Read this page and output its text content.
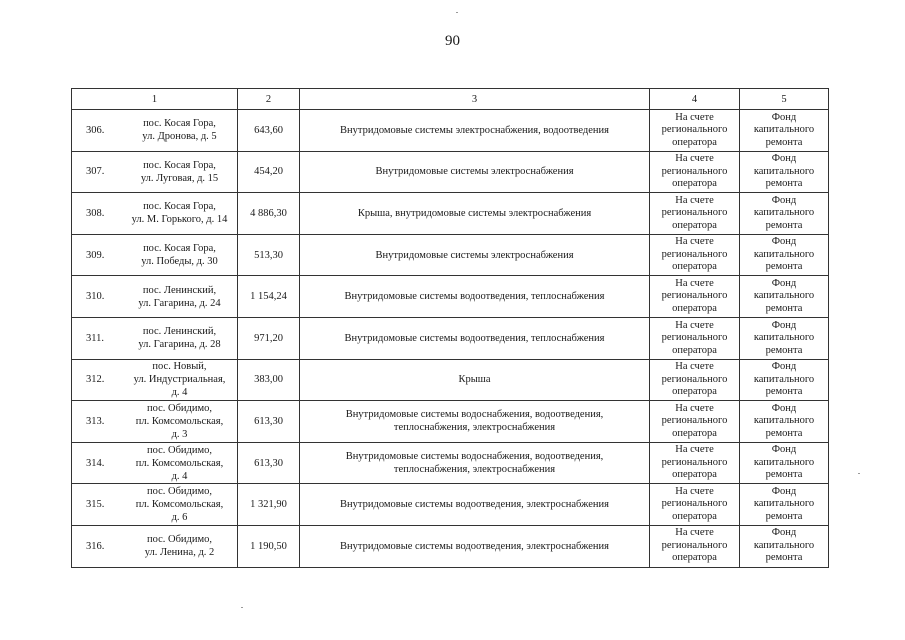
90
1	2	3	4	5

306.
пос. Косая Гора,
ул. Дронова, д. 5	643,60	Внутридомовые системы электроснабжения, водоотведения	На счете
регионального
оператора	Фонд
капитального
ремонта

307.
пос. Косая Гора,
ул. Луговая, д. 15	454,20	Внутридомовые системы электроснабжения	На счете
регионального
оператора	Фонд
капитального
ремонта

308.
пос. Косая Гора,
ул. М. Горького, д. 14	4 886,30	Крыша, внутридомовые системы электроснабжения	На счете
регионального
оператора	Фонд
капитального
ремонта

309.
пос. Косая Гора,
ул. Победы, д. 30	513,30	Внутридомовые системы электроснабжения	На счете
регионального
оператора	Фонд
капитального
ремонта

310.
пос. Ленинский,
ул. Гагарина, д. 24	1 154,24	Внутридомовые системы водоотведения, теплоснабжения	На счете
регионального
оператора	Фонд
капитального
ремонта

311.
пос. Ленинский,
ул. Гагарина, д. 28	971,20	Внутридомовые системы водоотведения, теплоснабжения	На счете
регионального
оператора	Фонд
капитального
ремонта

312.
пос. Новый,
ул. Индустриальная,
д. 4	383,00	Крыша	На счете
регионального
оператора	Фонд
капитального
ремонта

313.
пос. Обидимо,
пл. Комсомольская,
д. 3	613,30	Внутридомовые системы водоснабжения, водоотведения,
теплоснабжения, электроснабжения	На счете
регионального
оператора	Фонд
капитального
ремонта

314.
пос. Обидимо,
пл. Комсомольская,
д. 4	613,30	Внутридомовые системы водоснабжения, водоотведения,
теплоснабжения, электроснабжения	На счете
регионального
оператора	Фонд
капитального
ремонта

315.
пос. Обидимо,
пл. Комсомольская,
д. 6	1 321,90	Внутридомовые системы водоотведения, электроснабжения	На счете
регионального
оператора	Фонд
капитального
ремонта

316.
пос. Обидимо,
ул. Ленина, д. 2	1 190,50	Внутридомовые системы водоотведения, электроснабжения	На счете
регионального
оператора	Фонд
капитального
ремонта
